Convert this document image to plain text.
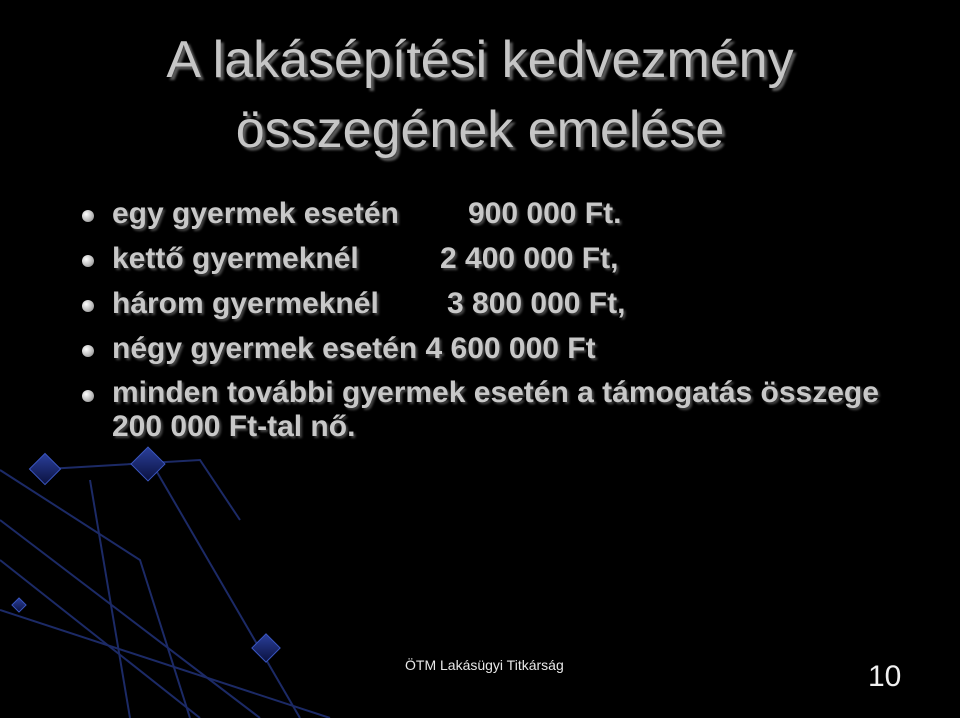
A lakásépítési kedvezmény
összegének emelése
egy gyermek esetén 900 000 Ft.
kettő gyermeknél	2 400 000 Ft,
három gyermeknél 3 800 000 Ft,
négy gyermek esetén 4 600 000 Ft
minden további gyermek esetén a támogatás összege
200 000 Ft-tal nő.
ÖTM Lakásügyi Titkárság	10
